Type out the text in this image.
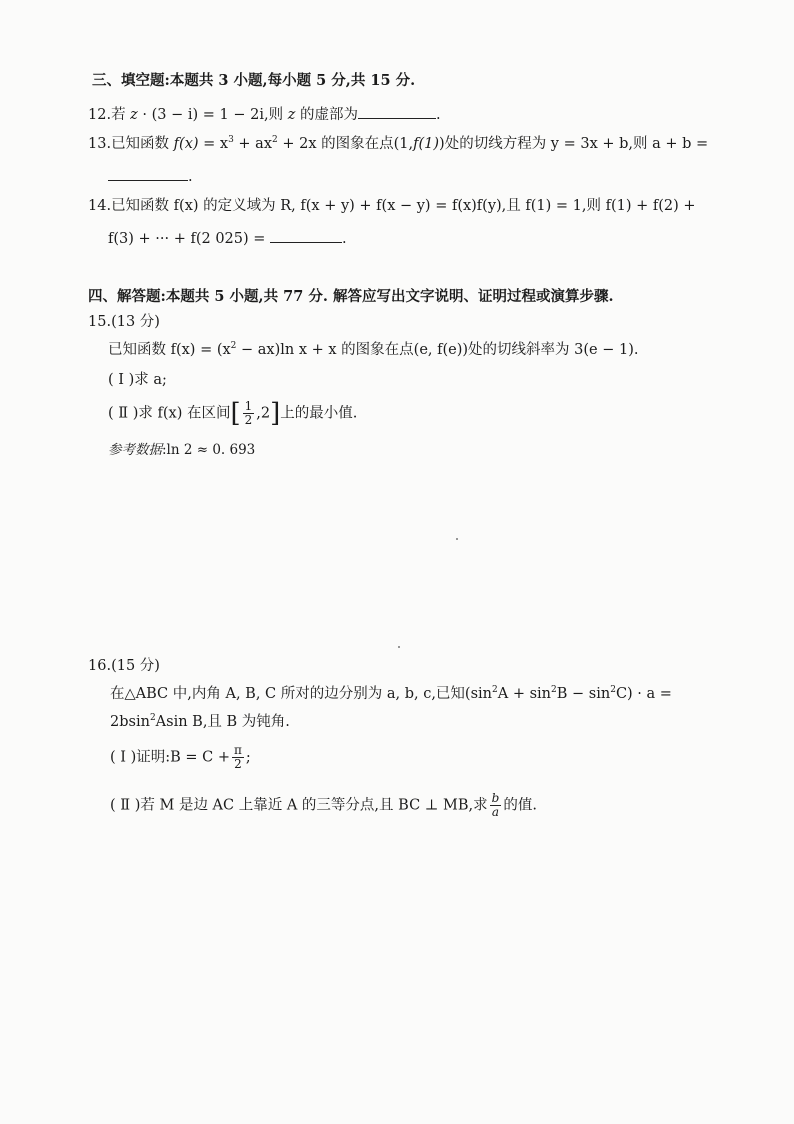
三、填空题:本题共 3 小题,每小题 5 分,共 15 分.
12.若 z · (3 − i) = 1 − 2i,则 z 的虚部为	.
13.已知函数 $f(x) = x^3 + ax^2 + 2x$ 的图象在点(1,f(1))处的切线方程为 y = 3x + b,则 a + b =
.
14.已知函数 f(x) 的定义域为 R, f(x + y) + f(x − y) = f(x)f(y),且 f(1) = 1,则 f(1) + f(2) +
f(3) + ··· + f(2 025) =	.
四、解答题:本题共 5 小题,共 77 分. 解答应写出文字说明、证明过程或演算步骤.
15.(13 分)
已知函数 $f(x) = (x^2 - ax)\ln$ x + x 的图象在点(e, f(e))处的切线斜率为 3(e − 1).
( Ⅰ )求 a;
( Ⅱ )求 f(x) 在区间[ $\frac{1}{2} ,2$]上的最小值.
参考数据:ln 2 ≈ 0. 693
16.(15 分)
在△ABC 中,内角 A, B, C 所对的边分别为 a, b, c,已知$(\sin^2A + \sin^2B - \sin^2C) \cdot a$ =
2bsin$^2$Asin B,且 B 为钝角.
( Ⅰ )证明:B = $C + \frac{\pi}{2}$ ;
( Ⅱ )若 M 是边 AC 上靠近 A 的三等分点,且 BC ⊥ MB,求 $\frac{b}{a}$ 的值.
